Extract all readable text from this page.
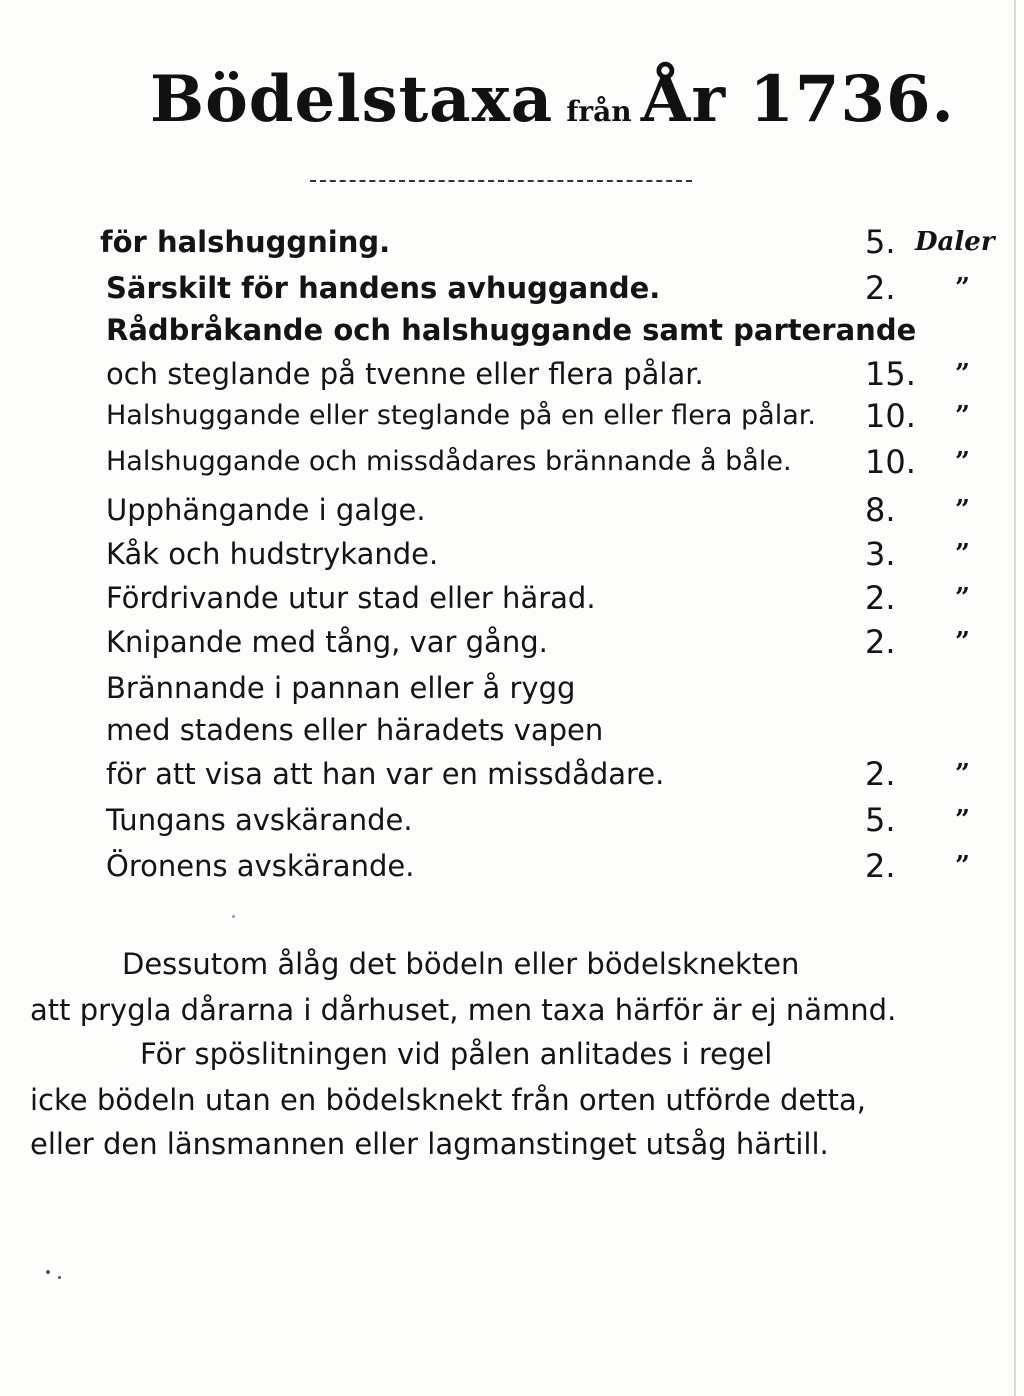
Bödelstaxa från År 1736.
för halshuggning.	5. Daler
Särskilt för handens avhuggande.	2.	”
Rådbråkande och halshuggande samt parterande
och steglande på tvenne eller flera pålar.	15.	”
Halshuggande eller steglande på en eller flera pålar. 10.	”
Halshuggande och missdådares brännande å båle. 10.	”
Upphängande i galge.	8.	”
Kåk och hudstrykande.	3.	”
Fördrivande utur stad eller härad.	2.	”
Knipande med tång, var gång.	2.	”
Brännande i pannan eller å rygg
med stadens eller häradets vapen
för att visa att han var en missdådare.	2.	”
Tungans avskärande.	5.	”
Öronens avskärande.	2.	”
Dessutom ålåg det bödeln eller bödelsknekten
att prygla dårarna i dårhuset, men taxa härför är ej nämnd.
För spöslitningen vid pålen anlitades i regel
icke bödeln utan en bödelsknekt från orten utförde detta,
eller den länsmannen eller lagmanstinget utsåg härtill.
